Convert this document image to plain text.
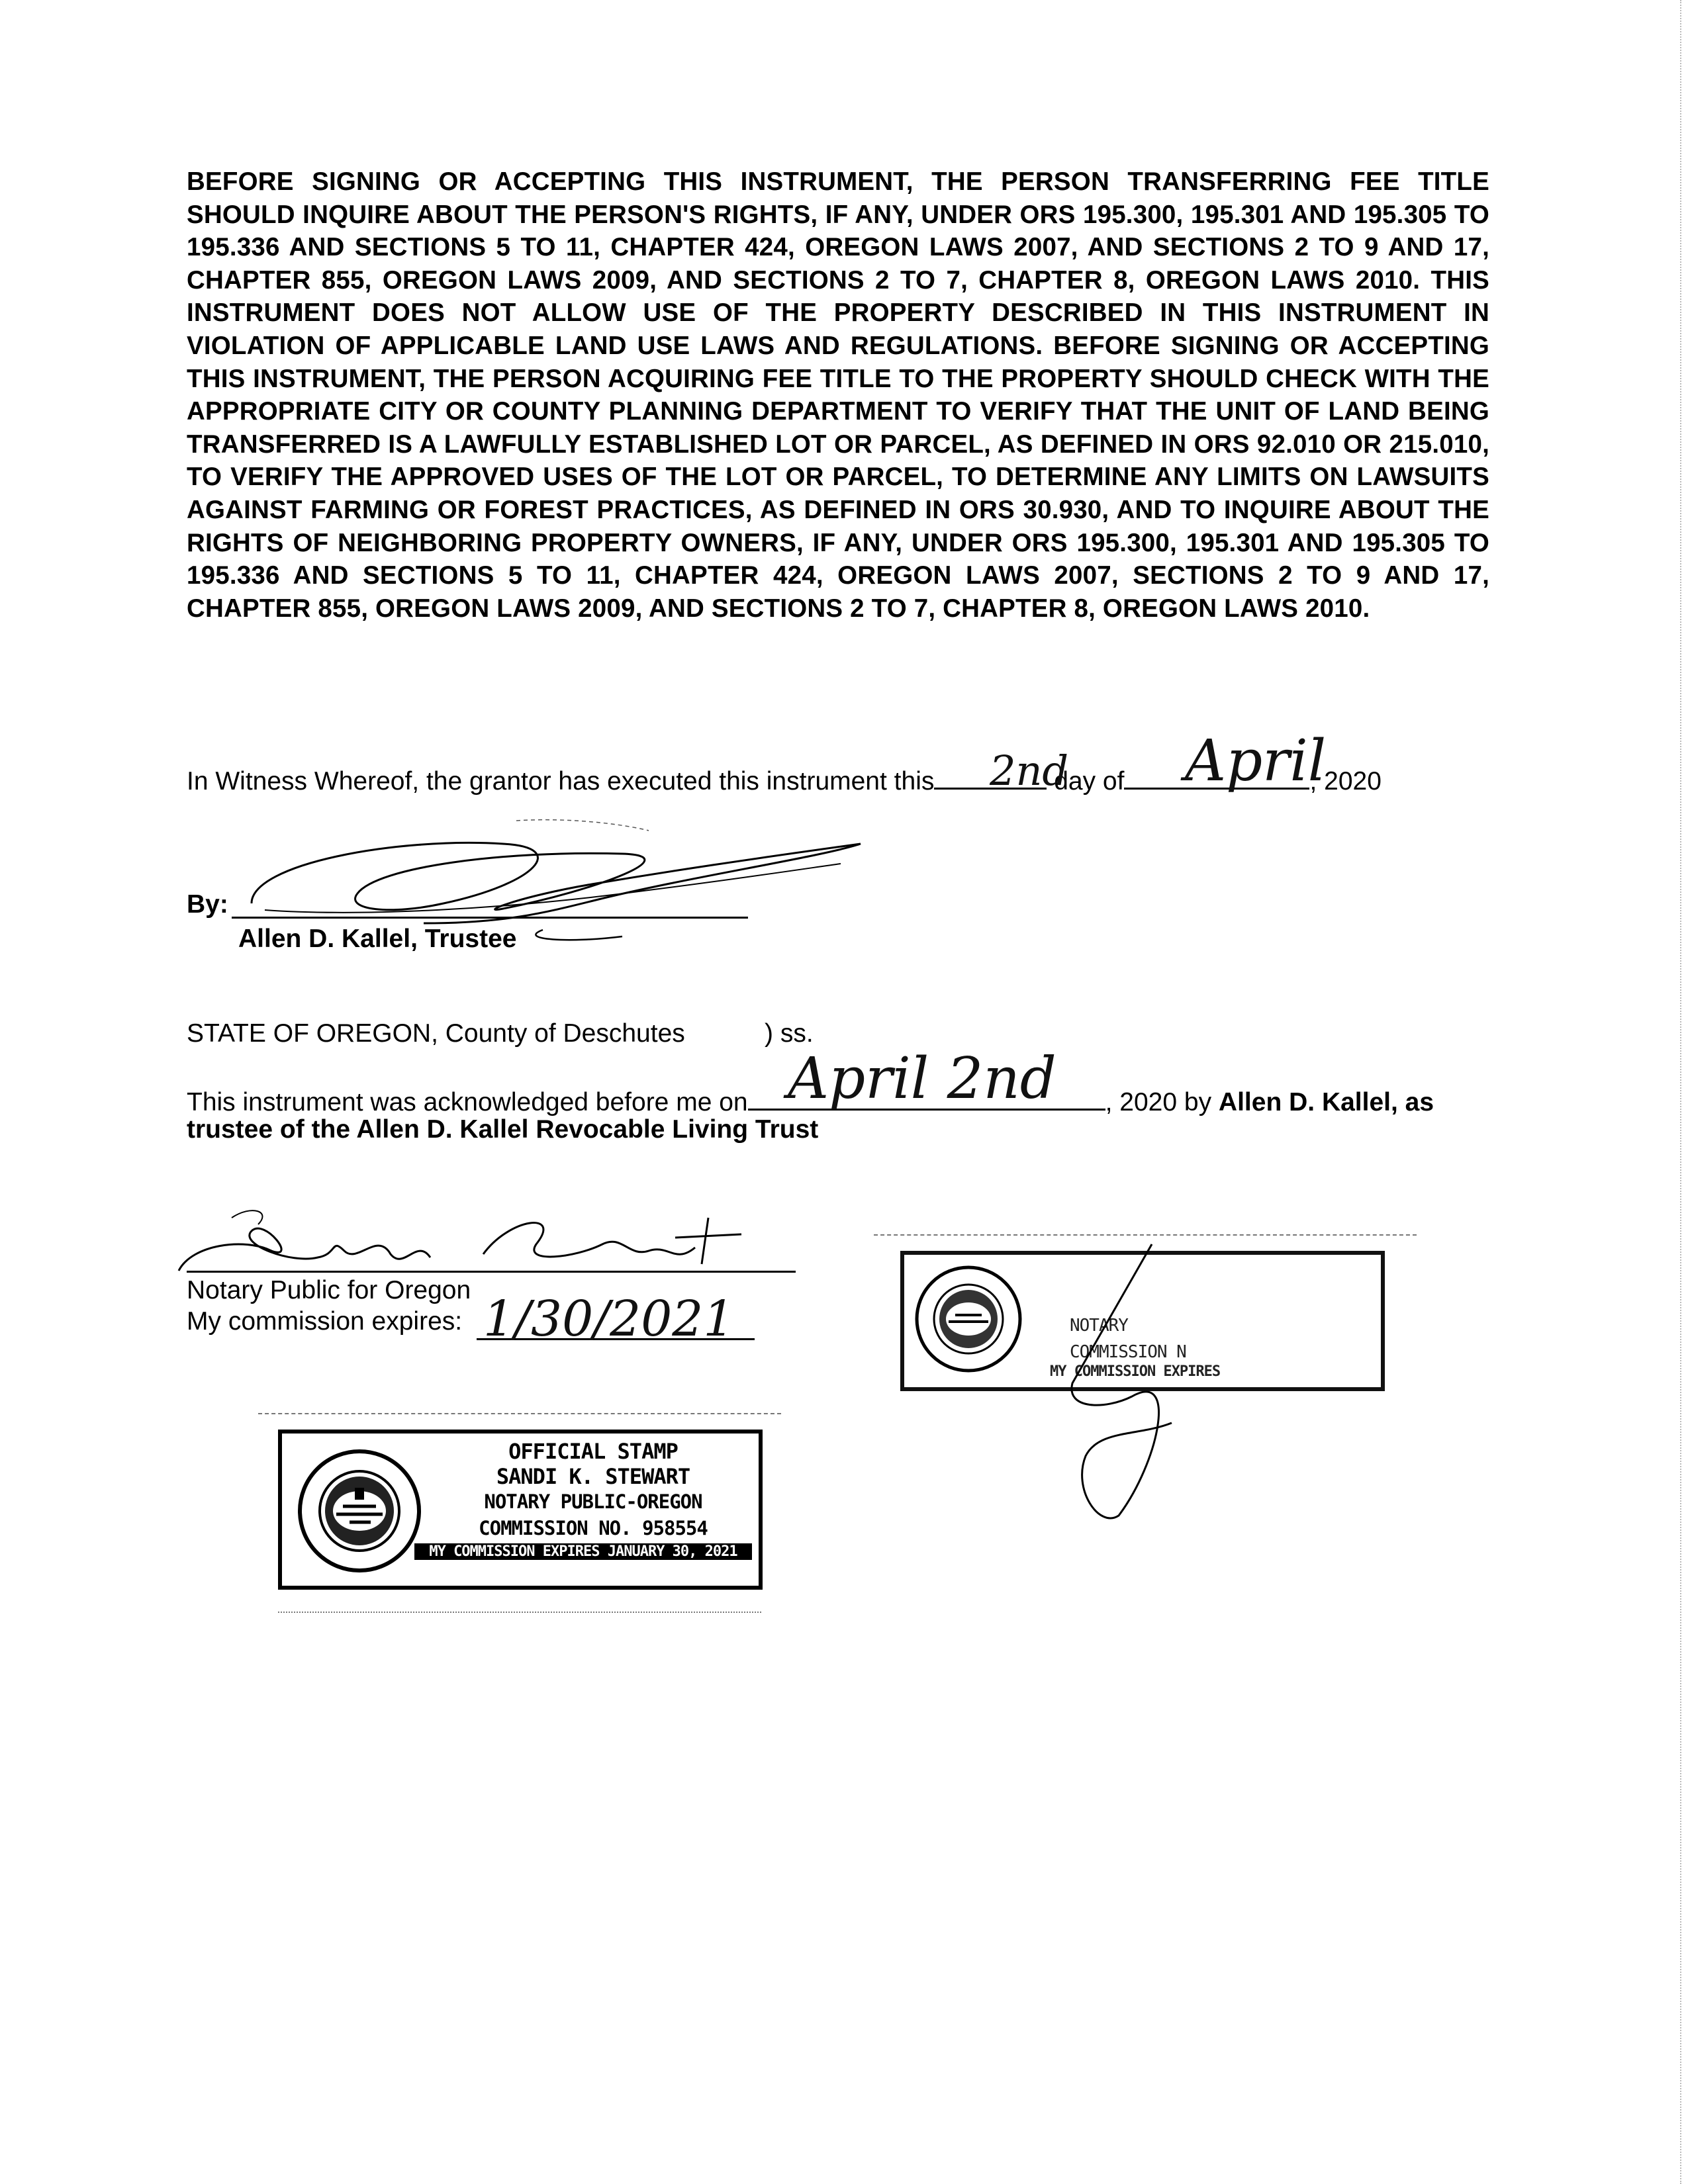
BEFORE SIGNING OR ACCEPTING THIS INSTRUMENT, THE PERSON TRANSFERRING FEE TITLE SHOULD INQUIRE ABOUT THE PERSON'S RIGHTS, IF ANY, UNDER ORS 195.300, 195.301 AND 195.305 TO 195.336 AND SECTIONS 5 TO 11, CHAPTER 424, OREGON LAWS 2007, AND SECTIONS 2 TO 9 AND 17, CHAPTER 855, OREGON LAWS 2009, AND SECTIONS 2 TO 7, CHAPTER 8, OREGON LAWS 2010. THIS INSTRUMENT DOES NOT ALLOW USE OF THE PROPERTY DESCRIBED IN THIS INSTRUMENT IN VIOLATION OF APPLICABLE LAND USE LAWS AND REGULATIONS. BEFORE SIGNING OR ACCEPTING THIS INSTRUMENT, THE PERSON ACQUIRING FEE TITLE TO THE PROPERTY SHOULD CHECK WITH THE APPROPRIATE CITY OR COUNTY PLANNING DEPARTMENT TO VERIFY THAT THE UNIT OF LAND BEING TRANSFERRED IS A LAWFULLY ESTABLISHED LOT OR PARCEL, AS DEFINED IN ORS 92.010 OR 215.010, TO VERIFY THE APPROVED USES OF THE LOT OR PARCEL, TO DETERMINE ANY LIMITS ON LAWSUITS AGAINST FARMING OR FOREST PRACTICES, AS DEFINED IN ORS 30.930, AND TO INQUIRE ABOUT THE RIGHTS OF NEIGHBORING PROPERTY OWNERS, IF ANY, UNDER ORS 195.300, 195.301 AND 195.305 TO 195.336 AND SECTIONS 5 TO 11, CHAPTER 424, OREGON LAWS 2007, SECTIONS 2 TO 9 AND 17, CHAPTER 855, OREGON LAWS 2009, AND SECTIONS 2 TO 7, CHAPTER 8, OREGON LAWS 2010.
In Witness Whereof, the grantor has executed this instrument this	day of	, 2020
2nd April
By:
Allen D. Kallel, Trustee
STATE OF OREGON, County of Deschutes	) ss.
This instrument was acknowledged before me on	, 2020 by Allen D. Kallel, as
April 2nd
trustee of the Allen D. Kallel Revocable Living Trust
Notary Public for Oregon
My commission expires: 1/30/2021
OFFICIAL STAMP
SANDI K. STEWART
NOTARY PUBLIC-OREGON
COMMISSION NO. 958554
MY COMMISSION EXPIRES JANUARY 30, 2021
NOTARY
COMMISSION N
MY COMMISSION EXPIRES
